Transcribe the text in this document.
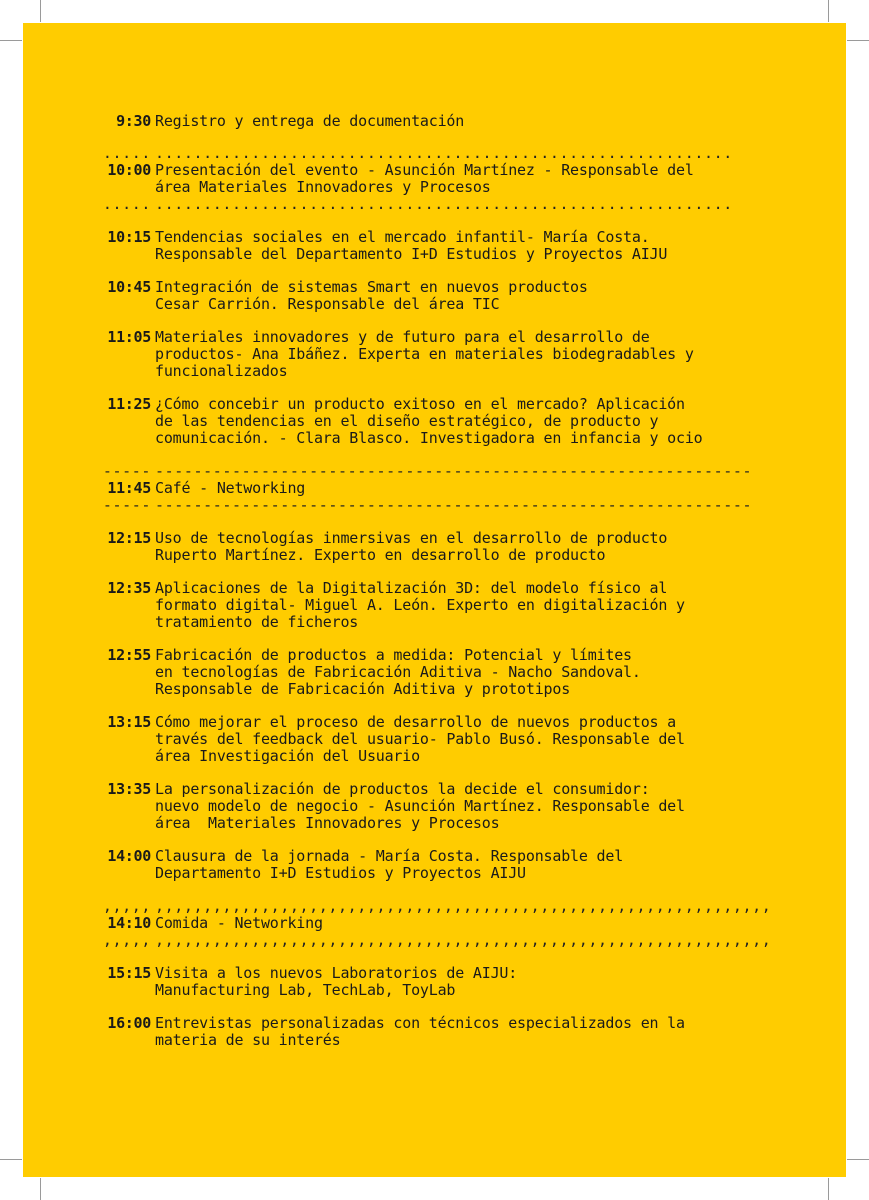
9:30 Registro y entrega de documentación
..... ............................................................
10:00 Presentación del evento - Asunción Martínez - Responsable del
área Materiales Innovadores y Procesos
..... ............................................................
10:15 Tendencias sociales en el mercado infantil- María Costa.
Responsable del Departamento I+D Estudios y Proyectos AIJU
10:45 Integración de sistemas Smart en nuevos productos
Cesar Carrión. Responsable del área TIC
11:05 Materiales innovadores y de futuro para el desarrollo de
productos- Ana Ibáñez. Experta en materiales biodegradables y
funcionalizados
11:25 ¿Cómo concebir un producto exitoso en el mercado? Aplicación
de las tendencias en el diseño estratégico, de producto y
comunicación. - Clara Blasco. Investigadora en infancia y ocio
----- --------------------------------------------------------------
11:45 Café - Networking
----- --------------------------------------------------------------
12:15 Uso de tecnologías inmersivas en el desarrollo de producto
Ruperto Martínez. Experto en desarrollo de producto
12:35 Aplicaciones de la Digitalización 3D: del modelo físico al
formato digital- Miguel A. León. Experto en digitalización y
tratamiento de ficheros
12:55 Fabricación de productos a medida: Potencial y límites
en tecnologías de Fabricación Aditiva - Nacho Sandoval.
Responsable de Fabricación Aditiva y prototipos
13:15 Cómo mejorar el proceso de desarrollo de nuevos productos a
través del feedback del usuario- Pablo Busó. Responsable del
área Investigación del Usuario
13:35 La personalización de productos la decide el consumidor:
nuevo modelo de negocio - Asunción Martínez. Responsable del
área  Materiales Innovadores y Procesos
14:00 Clausura de la jornada - María Costa. Responsable del
Departamento I+D Estudios y Proyectos AIJU
,,,,, ,,,,,,,,,,,,,,,,,,,,,,,,,,,,,,,,,,,,,,,,,,,,,,,,,,,,,,,,,,,,,,,,
14:10 Comida - Networking
,,,,, ,,,,,,,,,,,,,,,,,,,,,,,,,,,,,,,,,,,,,,,,,,,,,,,,,,,,,,,,,,,,,,,,
15:15 Visita a los nuevos Laboratorios de AIJU:
Manufacturing Lab, TechLab, ToyLab
16:00 Entrevistas personalizadas con técnicos especializados en la
materia de su interés
